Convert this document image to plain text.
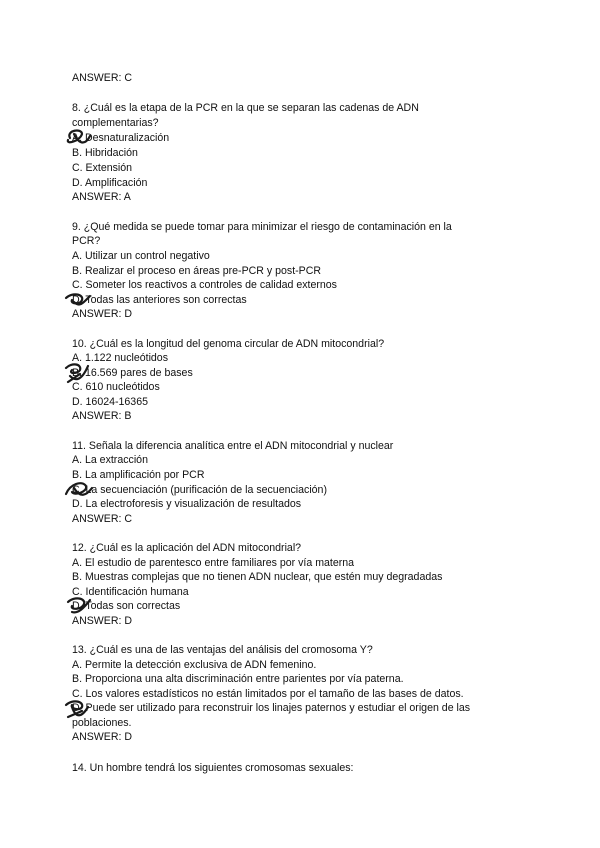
ANSWER: C
8. ¿Cuál es la etapa de la PCR en la que se separan las cadenas de ADN
complementarias?
A. Desnaturalización
B. Hibridación
C. Extensión
D. Amplificación
ANSWER: A
9. ¿Qué medida se puede tomar para minimizar el riesgo de contaminación en la
PCR?
A. Utilizar un control negativo
B. Realizar el proceso en áreas pre-PCR y post-PCR
C. Someter los reactivos a controles de calidad externos
D. Todas las anteriores son correctas
ANSWER: D
10. ¿Cuál es la longitud del genoma circular de ADN mitocondrial?
A. 1.122 nucleótidos
B. 16.569 pares de bases
C. 610 nucleótidos
D. 16024-16365
ANSWER: B
11. Señala la diferencia analítica entre el ADN mitocondrial y nuclear
A. La extracción
B. La amplificación por PCR
C. La secuenciación (purificación de la secuenciación)
D. La electroforesis y visualización de resultados
ANSWER: C
12. ¿Cuál es la aplicación del ADN mitocondrial?
A. El estudio de parentesco entre familiares por vía materna
B. Muestras complejas que no tienen ADN nuclear, que estén muy degradadas
C. Identificación humana
D. Todas son correctas
ANSWER: D
13. ¿Cuál es una de las ventajas del análisis del cromosoma Y?
A. Permite la detección exclusiva de ADN femenino.
B. Proporciona una alta discriminación entre parientes por vía paterna.
C. Los valores estadísticos no están limitados por el tamaño de las bases de datos.
D. Puede ser utilizado para reconstruir los linajes paternos y estudiar el origen de las
poblaciones.
ANSWER: D
14. Un hombre tendrá los siguientes cromosomas sexuales:
